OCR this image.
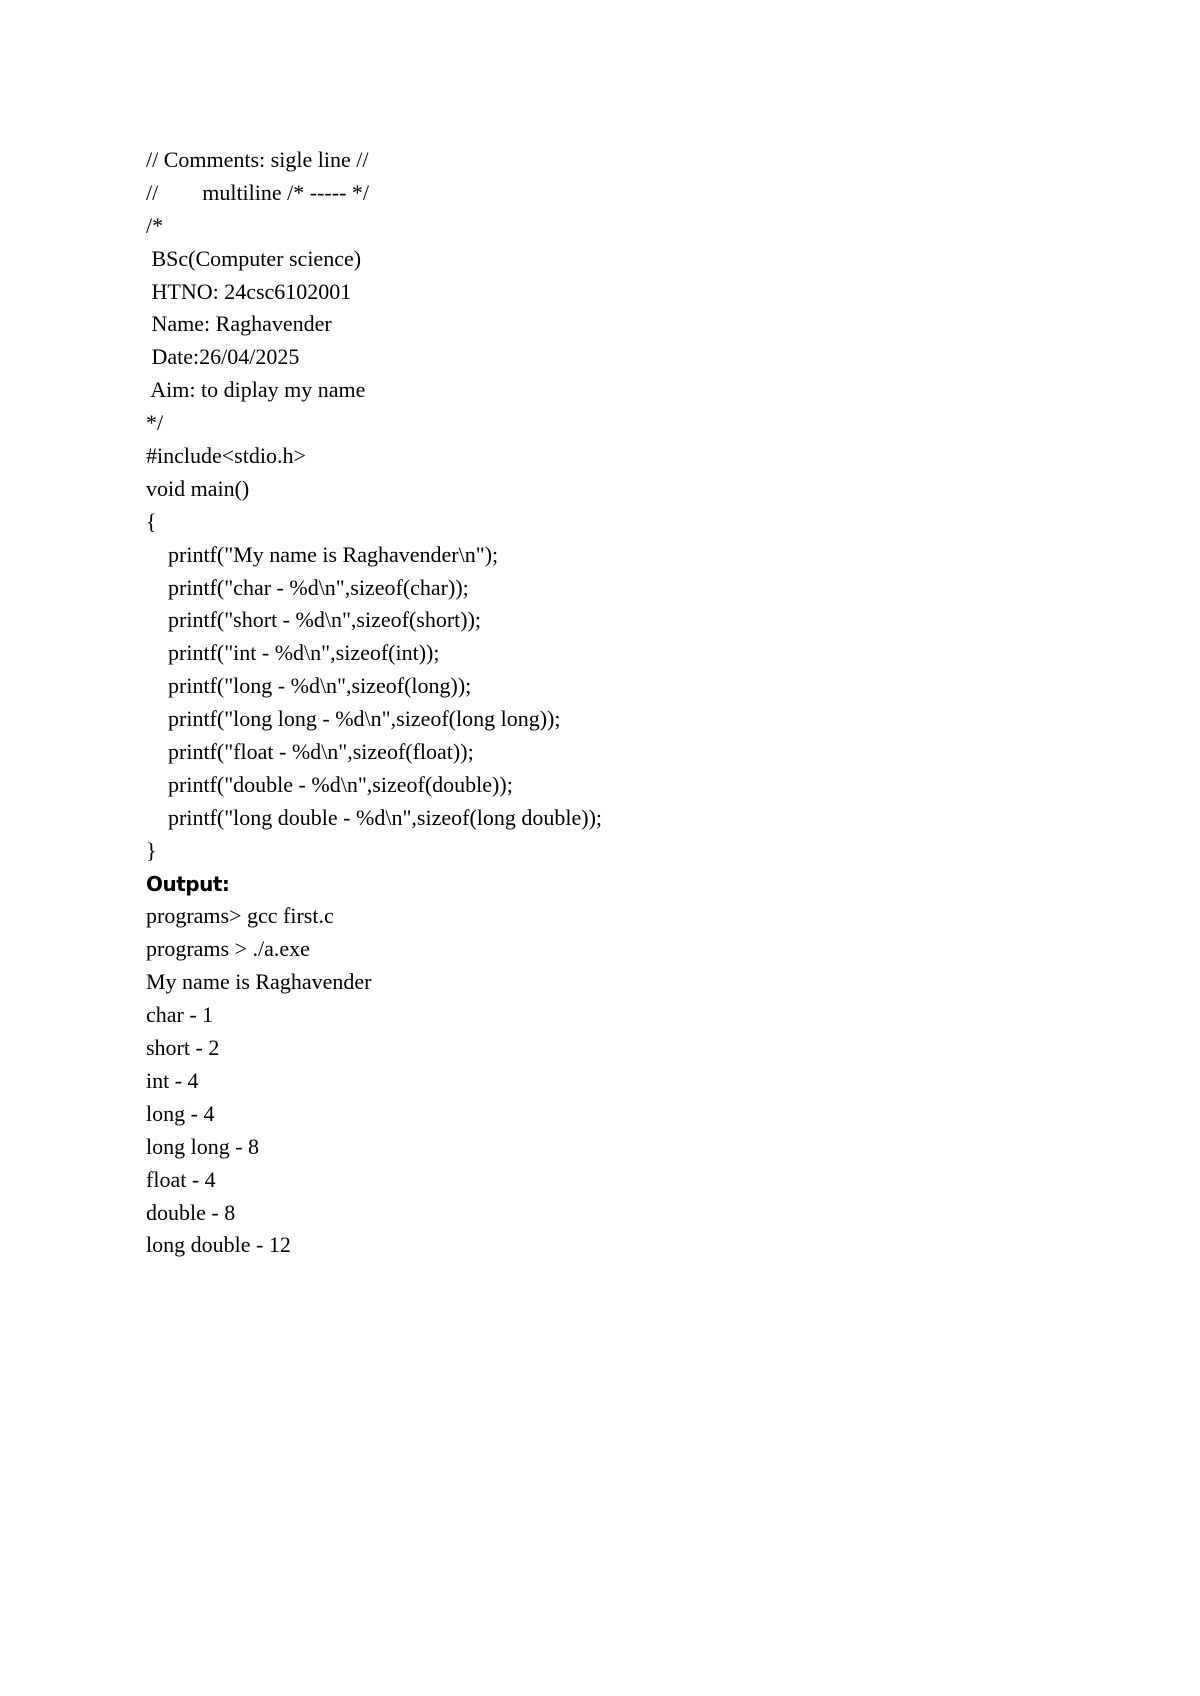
// Comments: sigle line //
//        multiline /* ----- */
/*
BSc(Computer science)
HTNO: 24csc6102001
Name: Raghavender
Date:26/04/2025
Aim: to diplay my name
*/
#include<stdio.h>
void main()
{
printf("My name is Raghavender\n");
printf("char - %d\n",sizeof(char));
printf("short - %d\n",sizeof(short));
printf("int - %d\n",sizeof(int));
printf("long - %d\n",sizeof(long));
printf("long long - %d\n",sizeof(long long));
printf("float - %d\n",sizeof(float));
printf("double - %d\n",sizeof(double));
printf("long double - %d\n",sizeof(long double));
}
Output:
programs> gcc first.c
programs > ./a.exe
My name is Raghavender
char - 1
short - 2
int - 4
long - 4
long long - 8
float - 4
double - 8
long double - 12
